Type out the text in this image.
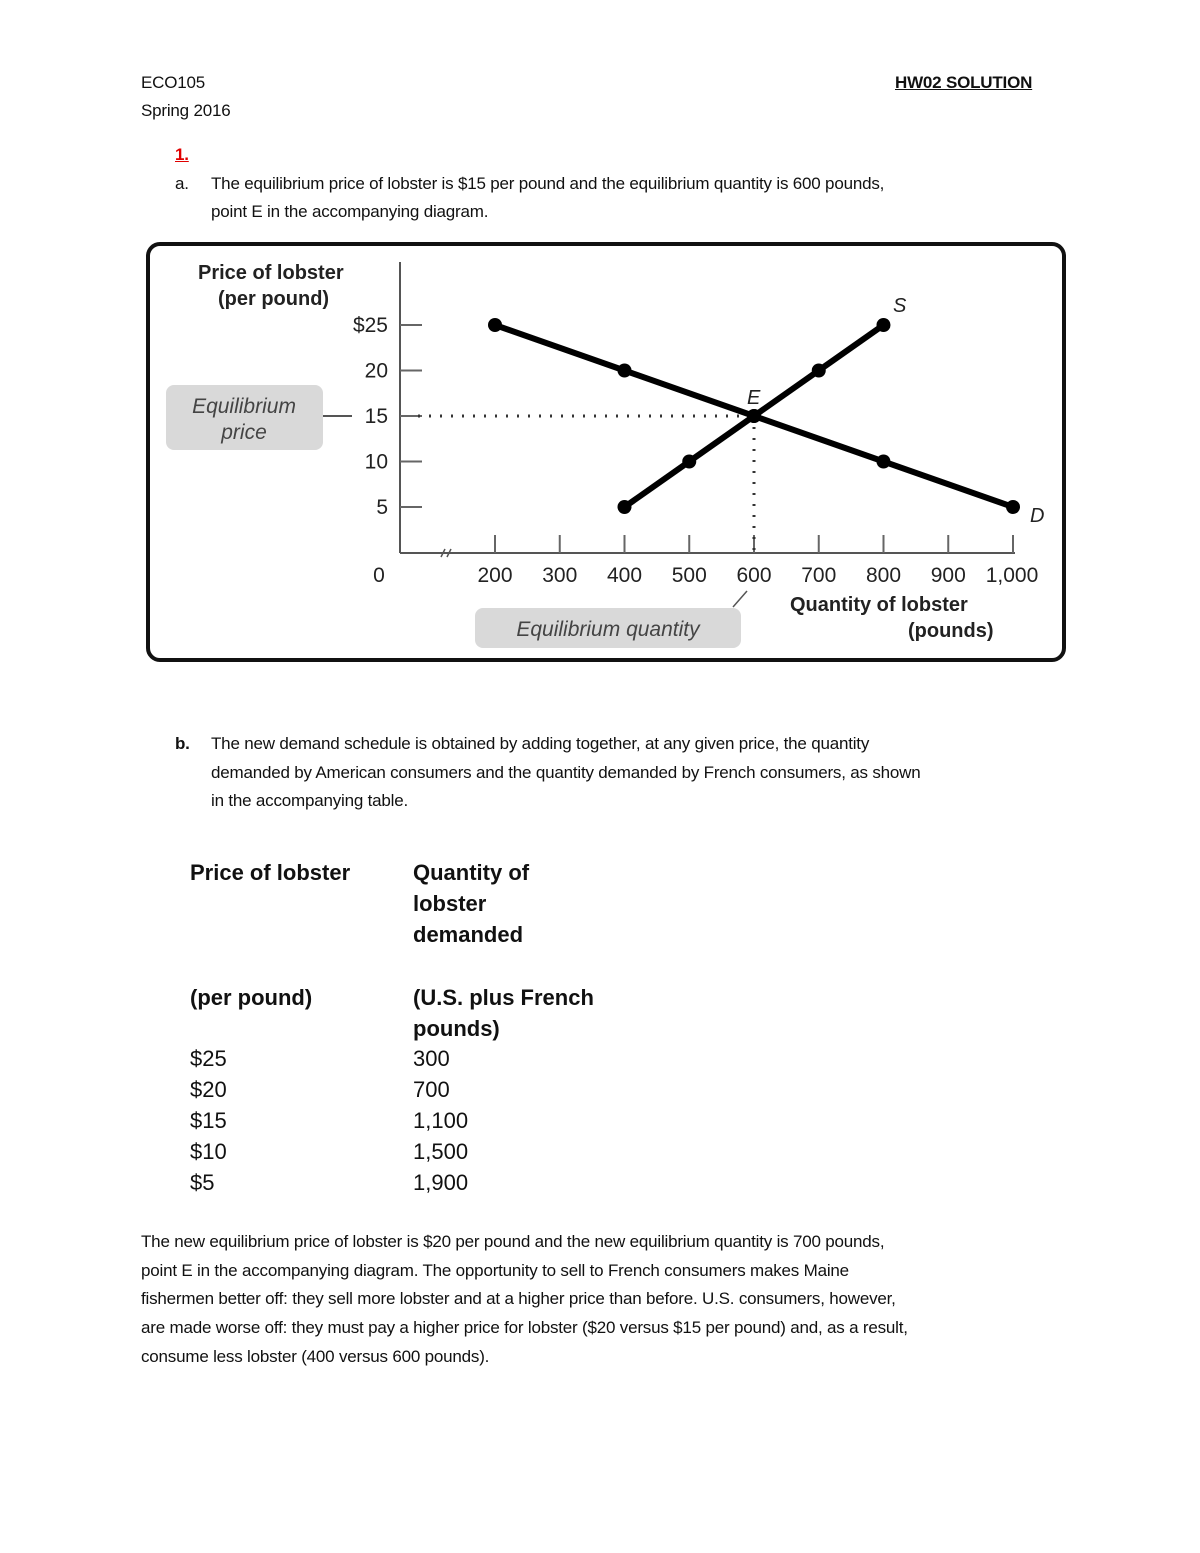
ECO105
Spring 2016
HW02 SOLUTION
1.
a. The equilibrium price of lobster is $15 per pound and the equilibrium quantity is 600 pounds,
point E in the accompanying diagram.
Price of lobster
(per pound)
Quantity of lobster
(pounds)
$25
20
15
10
5
200 300 400 500 600 700 800 900 1,000
0
D
S
E
Equilibrium
price
Equilibrium quantity
b. The new demand schedule is obtained by adding together, at any given price, the quantity
demanded by American consumers and the quantity demanded by French consumers, as shown
in the accompanying table.
Price of lobster	Quantity of
lobster
demanded
(per pound)	(U.S. plus French
pounds)
$25	300
$20	700
$15	1,100
$10	1,500
$5	1,900
The new equilibrium price of lobster is $20 per pound and the new equilibrium quantity is 700 pounds,
point E in the accompanying diagram. The opportunity to sell to French consumers makes Maine
fishermen better off: they sell more lobster and at a higher price than before. U.S. consumers, however,
are made worse off: they must pay a higher price for lobster ($20 versus $15 per pound) and, as a result,
consume less lobster (400 versus 600 pounds).
